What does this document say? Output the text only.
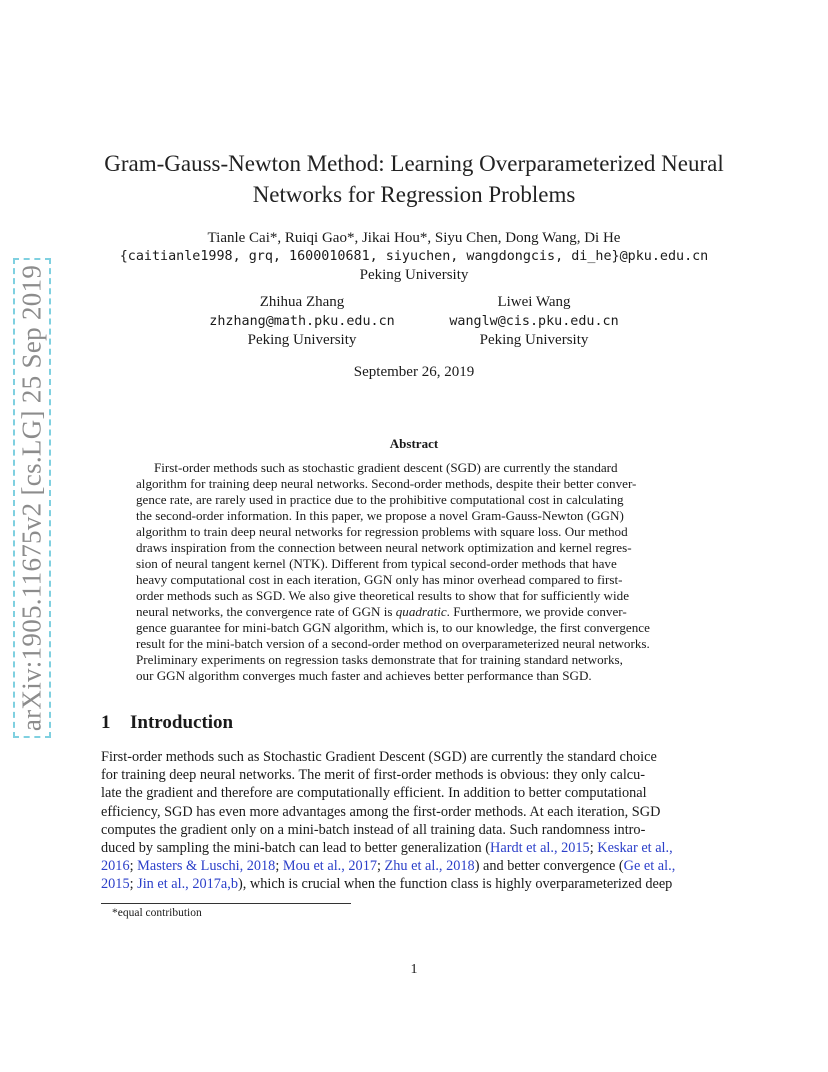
arXiv:1905.11675v2 [cs.LG] 25 Sep 2019
Gram-Gauss-Newton Method: Learning Overparameterized Neural
Networks for Regression Problems
Tianle Cai*, Ruiqi Gao*, Jikai Hou*, Siyu Chen, Dong Wang, Di He
{caitianle1998, grq, 1600010681, siyuchen, wangdongcis, di_he}@pku.edu.cn
Peking University
Zhihua Zhang
zhzhang@math.pku.edu.cn
Peking University
Liwei Wang
wanglw@cis.pku.edu.cn
Peking University
September 26, 2019
Abstract
First-order methods such as stochastic gradient descent (SGD) are currently the standard
algorithm for training deep neural networks. Second-order methods, despite their better conver-
gence rate, are rarely used in practice due to the prohibitive computational cost in calculating
the second-order information. In this paper, we propose a novel Gram-Gauss-Newton (GGN)
algorithm to train deep neural networks for regression problems with square loss. Our method
draws inspiration from the connection between neural network optimization and kernel regres-
sion of neural tangent kernel (NTK). Different from typical second-order methods that have
heavy computational cost in each iteration, GGN only has minor overhead compared to first-
order methods such as SGD. We also give theoretical results to show that for sufficiently wide
neural networks, the convergence rate of GGN is quadratic. Furthermore, we provide conver-
gence guarantee for mini-batch GGN algorithm, which is, to our knowledge, the first convergence
result for the mini-batch version of a second-order method on overparameterized neural networks.
Preliminary experiments on regression tasks demonstrate that for training standard networks,
our GGN algorithm converges much faster and achieves better performance than SGD.
1 Introduction
First-order methods such as Stochastic Gradient Descent (SGD) are currently the standard choice
for training deep neural networks. The merit of first-order methods is obvious: they only calcu-
late the gradient and therefore are computationally efficient. In addition to better computational
efficiency, SGD has even more advantages among the first-order methods. At each iteration, SGD
computes the gradient only on a mini-batch instead of all training data. Such randomness intro-
duced by sampling the mini-batch can lead to better generalization (Hardt et al., 2015; Keskar et al.,
2016; Masters & Luschi, 2018; Mou et al., 2017; Zhu et al., 2018) and better convergence (Ge et al.,
2015; Jin et al., 2017a,b), which is crucial when the function class is highly overparameterized deep
*equal contribution
1
